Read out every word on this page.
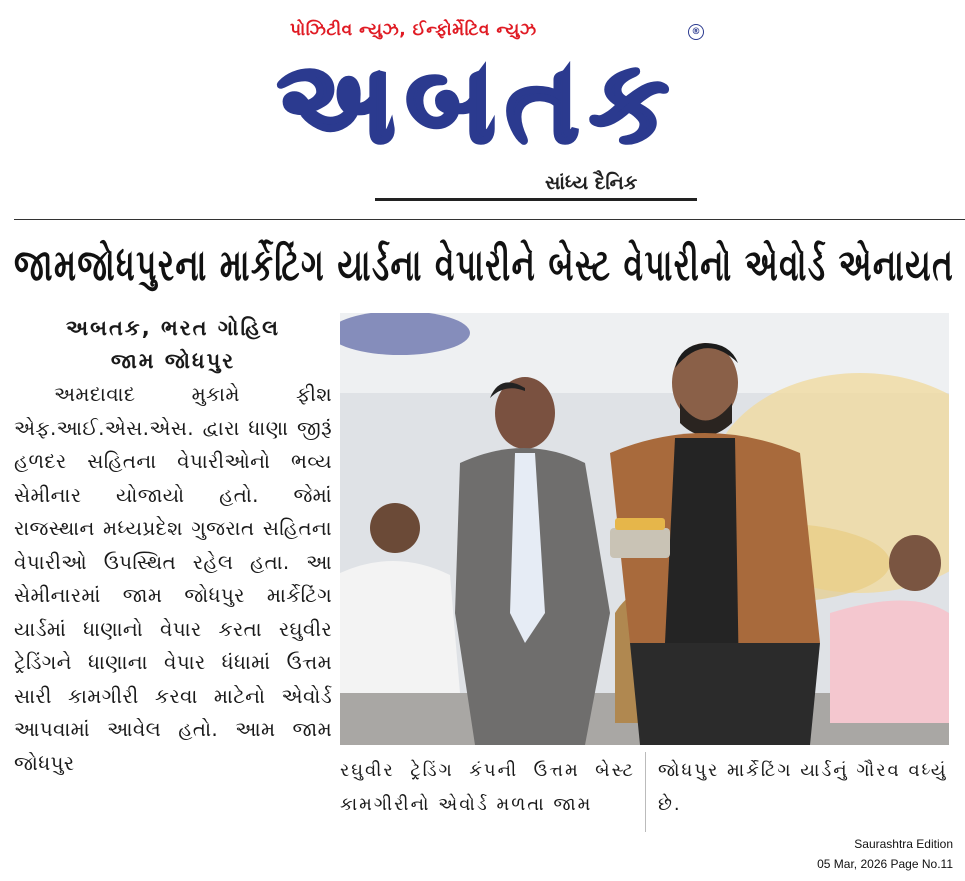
પોઝિટીવ ન્યુઝ, ઈન્ફોર્મેટિવ ન્યુઝ	®
અબતક
સાંધ્ય દૈનિક
જામજોધપુરના માર્કેટિંગ યાર્ડના વેપારીને બેસ્ટ વેપારીનો એવોર્ડ એનાયત
અબતક, ભરત ગોહિલ
જામ જોધપુર

અમદાવાદ મુકામે ફીશ એફ.આઈ.એસ.એસ. દ્વારા ધાણા જીરૂં હળદર સહિતના વેપારીઓનો ભવ્ય સેમીનાર યોજાયો હતો. જેમાં રાજસ્થાન મધ્યપ્રદેશ ગુજરાત સહિતના વેપારીઓ ઉપસ્થિત રહેલ હતા. આ સેમીનારમાં જામ જોધપુર માર્કેટિંગ યાર્ડમાં ધાણાનો વેપાર કરતા રઘુવીર ટ્રેડિંગને ધાણાના વેપાર ધંધામાં ઉત્તમ સારી કામગીરી કરવા માટેનો એવોર્ડ આપવામાં આવેલ હતો. આમ જામ જોધપુર	રઘુવીર ટ્રેડિંગ કંપની ઉત્તમ બેસ્ટ કામગીરીનો એવોર્ડ મળતા જામ

જોધપુર માર્કેટિંગ યાર્ડનું ગૌરવ વધ્યું છે.

Saurashtra Edition
05 Mar, 2026 Page No.11
